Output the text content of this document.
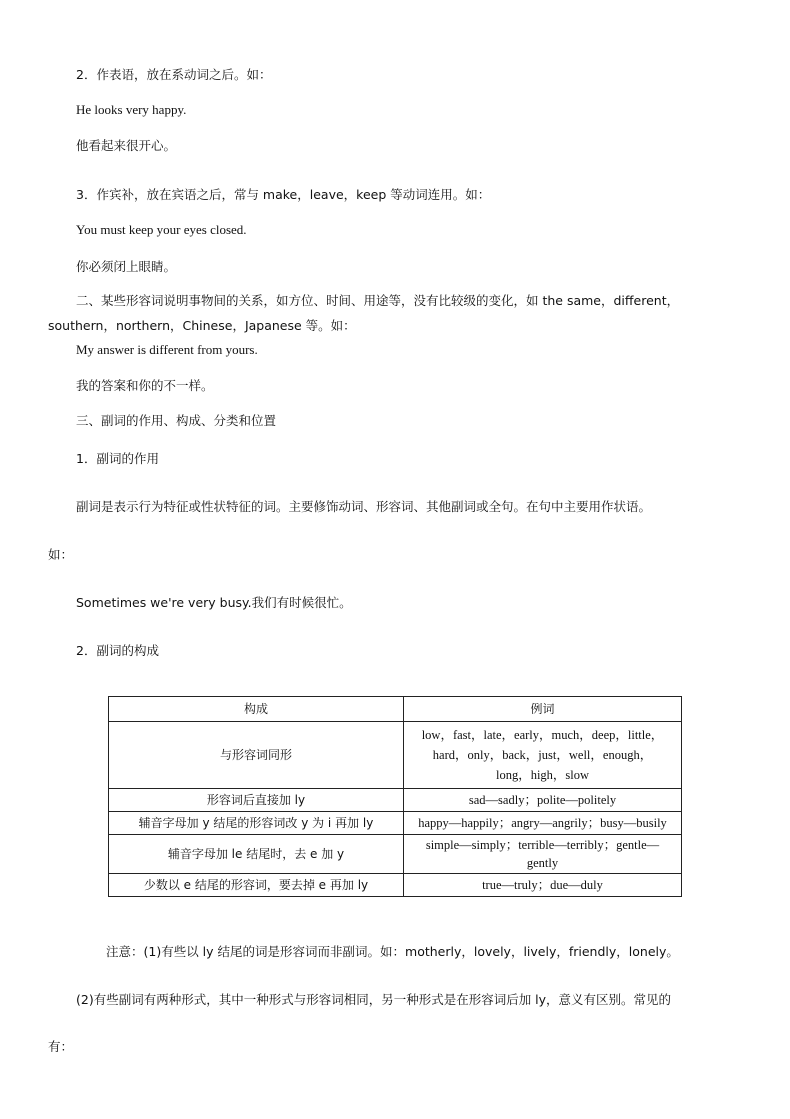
2．作表语，放在系动词之后。如：
He looks very happy.
他看起来很开心。
3．作宾补，放在宾语之后，常与 make，leave，keep 等动词连用。如：
You must keep your eyes closed.
你必须闭上眼睛。
二、某些形容词说明事物间的关系，如方位、时间、用途等，没有比较级的变化，如 the same，different，
southern，northern，Chinese，Japanese 等。如：
My answer is different from yours.
我的答案和你的不一样。
三、副词的作用、构成、分类和位置
1．副词的作用
副词是表示行为特征或性状特征的词。主要修饰动词、形容词、其他副词或全句。在句中主要用作状语。
如：
Sometimes we're very busy.我们有时候很忙。
2．副词的构成
构成	例词
与形容词同形	low，fast，late，early，much，deep，little，hard，only，back，just，well，enough，long，high，slow
形容词后直接加 ly	sad—sadly；polite—politely
辅音字母加 y 结尾的形容词改 y 为 i 再加 ly	happy—happily；angry—angrily；busy—busily
辅音字母加 le 结尾时，去 e 加 y	simple—simply；terrible—terribly；gentle—gently
少数以 e 结尾的形容词，要去掉 e 再加 ly	true—truly；due—duly
注意：(1)有些以 ly 结尾的词是形容词而非副词。如：motherly，lovely，lively，friendly，lonely。
(2)有些副词有两种形式，其中一种形式与形容词相同，另一种形式是在形容词后加 ly，意义有区别。常见的
有：
